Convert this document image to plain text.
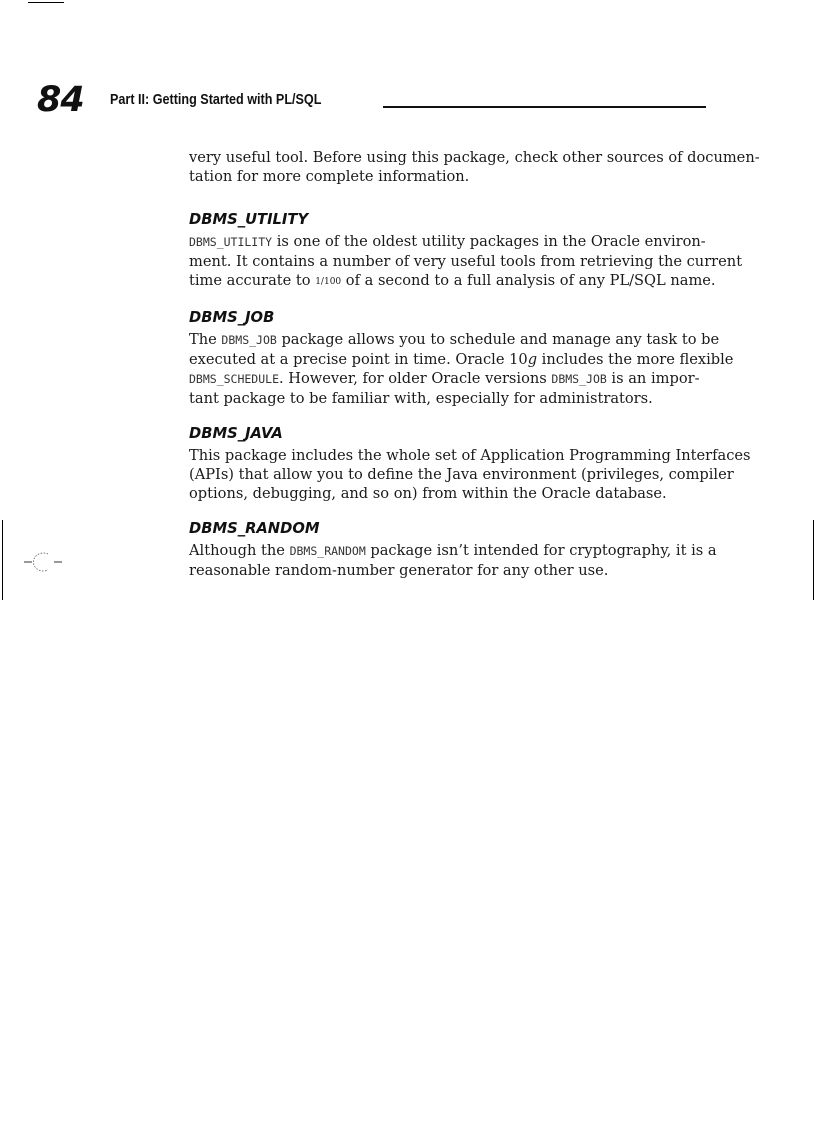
84 Part II: Getting Started with PL/SQL

very useful tool. Before using this package, check other sources of documen-
tation for more complete information.

DBMS_UTILITY

DBMS_UTILITY is one of the oldest utility packages in the Oracle environ-
ment. It contains a number of very useful tools from retrieving the current
time accurate to 1/100 of a second to a full analysis of any PL/SQL name.

DBMS_JOB

The DBMS_JOB package allows you to schedule and manage any task to be
executed at a precise point in time. Oracle 10g includes the more flexible
DBMS_SCHEDULE. However, for older Oracle versions DBMS_JOB is an impor-
tant package to be familiar with, especially for administrators.

DBMS_JAVA

This package includes the whole set of Application Programming Interfaces
(APIs) that allow you to define the Java environment (privileges, compiler
options, debugging, and so on) from within the Oracle database.

DBMS_RANDOM

Although the DBMS_RANDOM package isn’t intended for cryptography, it is a
reasonable random-number generator for any other use.
